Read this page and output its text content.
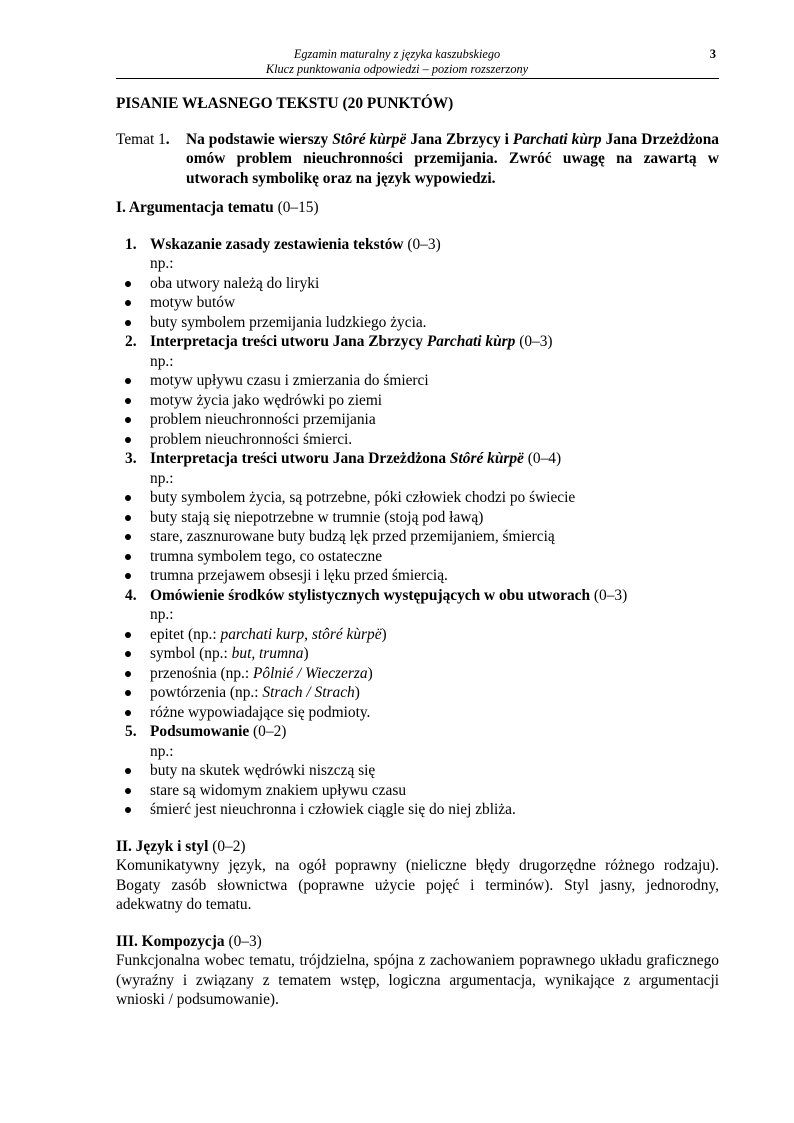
Egzamin maturalny z języka kaszubskiego
Klucz punktowania odpowiedzi – poziom rozszerzony
3
PISANIE WŁASNEGO TEKSTU (20 PUNKTÓW)
Temat 1.	Na podstawie wierszy Stôré kùrpë Jana Zbrzycy i Parchati kùrp Jana Drzeżdżona omów problem nieuchronności przemijania. Zwróć uwagę na zawartą w utworach symbolikę oraz na język wypowiedzi.
I. Argumentacja tematu (0–15)
1. Wskazanie zasady zestawienia tekstów (0–3)
np.:
oba utwory należą do liryki
motyw butów
buty symbolem przemijania ludzkiego życia.
2. Interpretacja treści utworu Jana Zbrzycy Parchati kùrp (0–3)
np.:
motyw upływu czasu i zmierzania do śmierci
motyw życia jako wędrówki po ziemi
problem nieuchronności przemijania
problem nieuchronności śmierci.
3. Interpretacja treści utworu Jana Drzeżdżona Stôré kùrpë (0–4)
np.:
buty symbolem życia, są potrzebne, póki człowiek chodzi po świecie
buty stają się niepotrzebne w trumnie (stoją pod ławą)
stare, zasznurowane buty budzą lęk przed przemijaniem, śmiercią
trumna symbolem tego, co ostateczne
trumna przejawem obsesji i lęku przed śmiercią.
4. Omówienie środków stylistycznych występujących w obu utworach (0–3)
np.:
epitet (np.: parchati kurp, stôré kùrpë)
symbol (np.: but, trumna)
przenośnia (np.: Pôlnié / Wieczerza)
powtórzenia (np.: Strach / Strach)
różne wypowiadające się podmioty.
5. Podsumowanie (0–2)
np.:
buty na skutek wędrówki niszczą się
stare są widomym znakiem upływu czasu
śmierć jest nieuchronna i człowiek ciągle się do niej zbliża.
II. Język i styl (0–2)
Komunikatywny język, na ogół poprawny (nieliczne błędy drugorzędne różnego rodzaju). Bogaty zasób słownictwa (poprawne użycie pojęć i terminów). Styl jasny, jednorodny, adekwatny do tematu.
III. Kompozycja (0–3)
Funkcjonalna wobec tematu, trójdzielna, spójna z zachowaniem poprawnego układu graficznego (wyraźny i związany z tematem wstęp, logiczna argumentacja, wynikające z argumentacji wnioski / podsumowanie).
